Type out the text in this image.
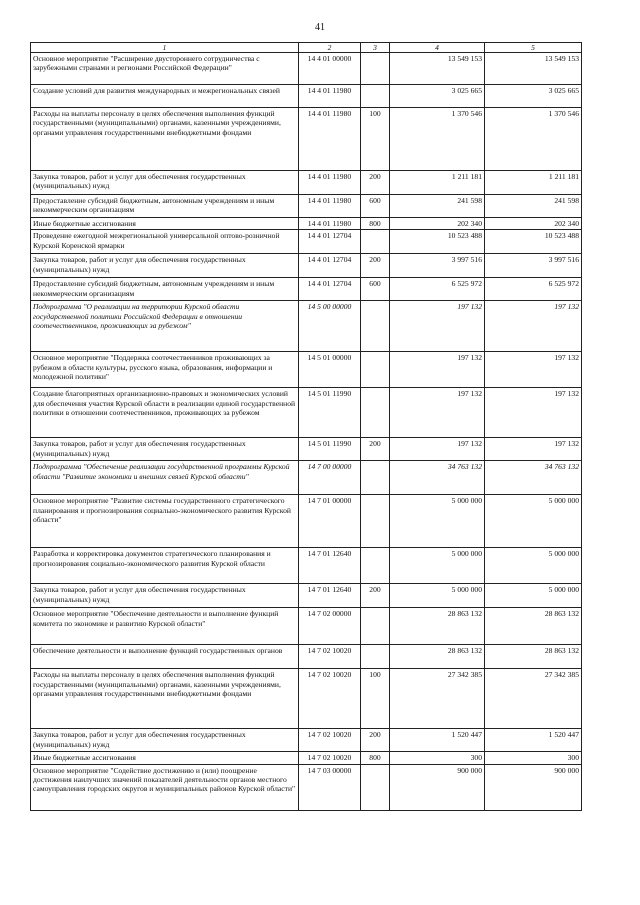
41
1	2	3	4	5
Основное мероприятие "Расширение двустороннего сотрудничества с зарубежными странами и регионами Российской Федерации"	14 4 01 00000		13 549 153	13 549 153
Создание условий для развития международных и межрегиональных связей	14 4 01 11980		3 025 665	3 025 665
Расходы на выплаты персоналу в целях обеспечения выполнения функций государственными (муниципальными) органами, казенными учреждениями, органами управления государственными внебюджетными фондами	14 4 01 11980	100	1 370 546	1 370 546
Закупка товаров, работ и услуг для обеспечения государственных (муниципальных) нужд	14 4 01 11980	200	1 211 181	1 211 181
Предоставление субсидий бюджетным, автономным учреждениям и иным некоммерческим организациям	14 4 01 11980	600	241 598	241 598
Иные бюджетные ассигнования	14 4 01 11980	800	202 340	202 340
Проведение ежегодной межрегиональной универсальной оптово-розничной Курской Коренской ярмарки	14 4 01 12704		10 523 488	10 523 488
Закупка товаров, работ и услуг для обеспечения государственных (муниципальных) нужд	14 4 01 12704	200	3 997 516	3 997 516
Предоставление субсидий бюджетным, автономным учреждениям и иным некоммерческим организациям	14 4 01 12704	600	6 525 972	6 525 972
Подпрограмма "О реализации на территории Курской области государственной политики Российской Федерации в отношении соотечественников, проживающих за рубежом"	14 5 00 00000		197 132	197 132
Основное мероприятие "Поддержка соотечественников проживающих за рубежом в области культуры, русского языка, образования, информации и молодежной политики"	14 5 01 00000		197 132	197 132
Создание благоприятных организационно-правовых и экономических условий для обеспечения участия Курской области в реализации единой государственной политики в отношении соотечественников, проживающих за рубежом	14 5 01 11990		197 132	197 132
Закупка товаров, работ и услуг для обеспечения государственных (муниципальных) нужд	14 5 01 11990	200	197 132	197 132
Подпрограмма "Обеспечение реализации государственной программы Курской области "Развитие экономики и внешних связей Курской области"	14 7 00 00000		34 763 132	34 763 132
Основное мероприятие "Развитие системы государственного стратегического планирования и прогнозирования социально-экономического развития Курской области"	14 7 01 00000		5 000 000	5 000 000
Разработка и корректировка документов стратегического планирования и прогнозирования социально-экономического развития Курской области	14 7 01 12640		5 000 000	5 000 000
Закупка товаров, работ и услуг для обеспечения государственных (муниципальных) нужд	14 7 01 12640	200	5 000 000	5 000 000
Основное мероприятие "Обеспечение деятельности и выполнение функций комитета по экономике и развитию Курской области"	14 7 02 00000		28 863 132	28 863 132
Обеспечение деятельности и выполнение функций государственных органов	14 7 02 10020		28 863 132	28 863 132
Расходы на выплаты персоналу в целях обеспечения выполнения функций государственными (муниципальными) органами, казенными учреждениями, органами управления государственными внебюджетными фондами	14 7 02 10020	100	27 342 385	27 342 385
Закупка товаров, работ и услуг для обеспечения государственных (муниципальных) нужд	14 7 02 10020	200	1 520 447	1 520 447
Иные бюджетные ассигнования	14 7 02 10020	800	300	300
Основное мероприятие "Содействие достижению и (или) поощрение достижения наилучших значений показателей деятельности органов местного самоуправления городских округов и муниципальных районов Курской области"	14 7 03 00000		900 000	900 000
